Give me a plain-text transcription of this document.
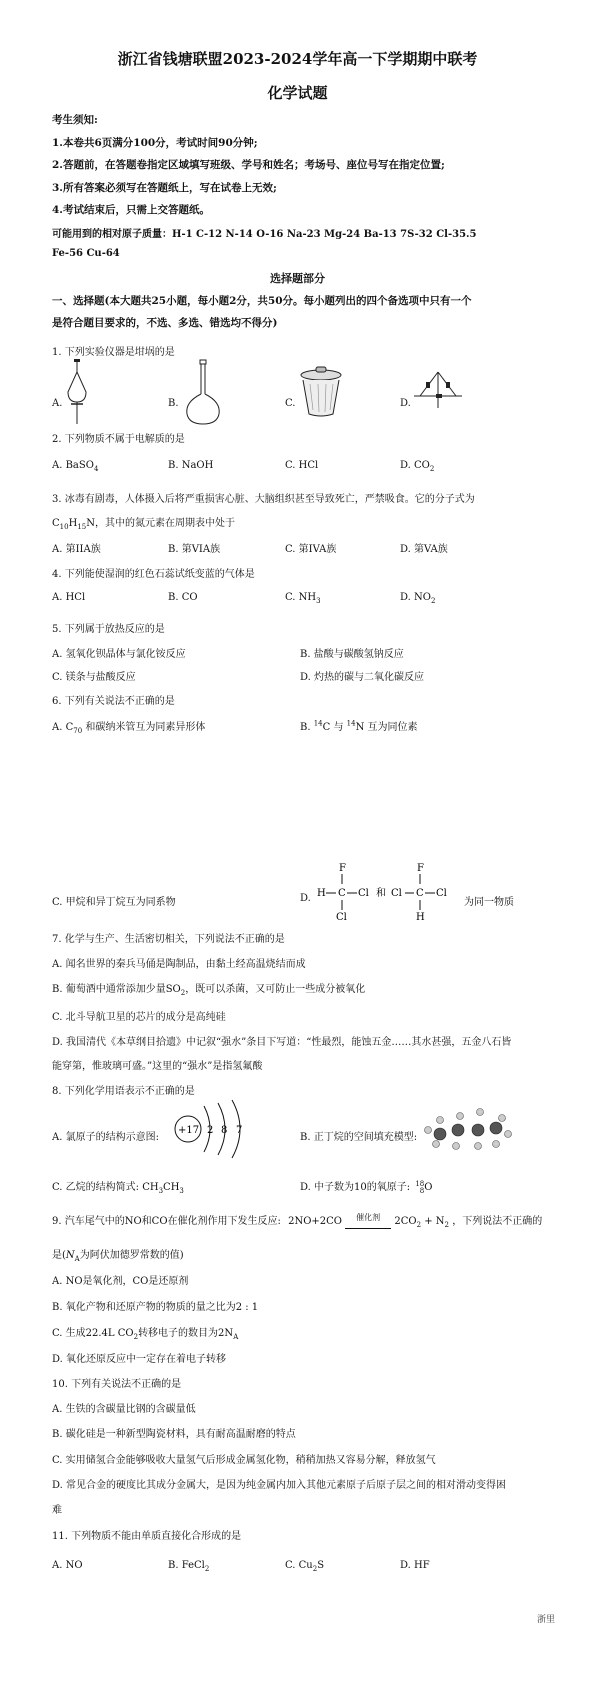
浙江省钱塘联盟2023-2024学年高一下学期期中联考
化学试题
考生须知:
1.本卷共6页满分100分，考试时间90分钟;
2.答题前，在答题卷指定区域填写班级、学号和姓名；考场号、座位号写在指定位置;
3.所有答案必须写在答题纸上，写在试卷上无效;
4.考试结束后，只需上交答题纸。
可能用到的相对原子质量：H-1 C-12 N-14 O-16 Na-23 Mg-24 Ba-13 7S-32 Cl-35.5
Fe-56 Cu-64
选择题部分
一、选择题(本大题共25小题，每小题2分，共50分。每小题列出的四个备选项中只有一个
是符合题目要求的，不选、多选、错选均不得分)
1. 下列实验仪器是坩埚的是
A.	B.	C.	D.
2. 下列物质不属于电解质的是
A. BaSO$_4$	B. NaOH	C. HCl	D. $CO_2$
3. 冰毒有剧毒，人体摄入后将严重损害心脏、大脑组织甚至导致死亡，严禁吸食。它的分子式为
$C_{10}H_{15}N$，其中的氮元素在周期表中处于
A. 第IIA族	B. 第VIA族	C. 第IVA族	D. 第VA族
4. 下列能使湿润的红色石蕊试纸变蓝的气体是
A. HCl	B. CO	C. $NH_3$	D. $NO_2$
5. 下列属于放热反应的是
A. 氢氧化钡晶体与氯化铵反应	B. 盐酸与碳酸氢钠反应
C. 镁条与盐酸反应	D. 灼热的碳与二氧化碳反应
6. 下列有关说法不正确的是
A. $C_{70}$ 和碳纳米管互为同素异形体	B. $^{14}$C 与 $^{14}$N 互为同位素
C. 甲烷和异丁烷互为同系物	D.
F
H C Cl
Cl
和 Cl C
F
Cl
H
为同一物质
7. 化学与生产、生活密切相关，下列说法不正确的是
A. 闻名世界的秦兵马俑是陶制品，由黏土经高温烧结而成
B. 葡萄酒中通常添加少量$SO_2$，既可以杀菌，又可防止一些成分被氧化
C. 北斗导航卫星的芯片的成分是高纯硅
D. 我国清代《本草纲目拾遗》中记叙“强水”条目下写道：“性最烈，能蚀五金……其水甚强，五金八石皆
能穿第，惟玻璃可盛。”这里的“强水”是指氢氟酸
8. 下列化学用语表示不正确的是
A. 氯原子的结构示意图:
+17 2 8 7
B. 正丁烷的空间填充模型:
C. 乙烷的结构简式: $CH_3CH_3$	D. 中子数为10的氧原子: 18
8O
9. 汽车尾气中的NO和CO在催化剂作用下发生反应: 2NO+2CO	催化剂	$2CO_2 + N_2$ ，下列说法不正确的
是($N_A$为阿伏加德罗常数的值)
A. NO是氧化剂，CO是还原剂
B. 氧化产物和还原产物的物质的量之比为2 : 1
C. 生成22.4L $CO_2$转移电子的数目为$2N_A$
D. 氧化还原反应中一定存在着电子转移
10. 下列有关说法不正确的是
A. 生铁的含碳量比钢的含碳量低
B. 碳化硅是一种新型陶瓷材料，具有耐高温耐磨的特点
C. 实用储氢合金能够吸收大量氢气后形成金属氢化物，稍稍加热又容易分解，释放氢气
D. 常见合金的硬度比其成分金属大，是因为纯金属内加入其他元素原子后原子层之间的相对滑动变得困
难
11. 下列物质不能由单质直接化合形成的是
A. NO	B. FeCl$_2$	C. $Cu_2S$	D. HF
浙里
